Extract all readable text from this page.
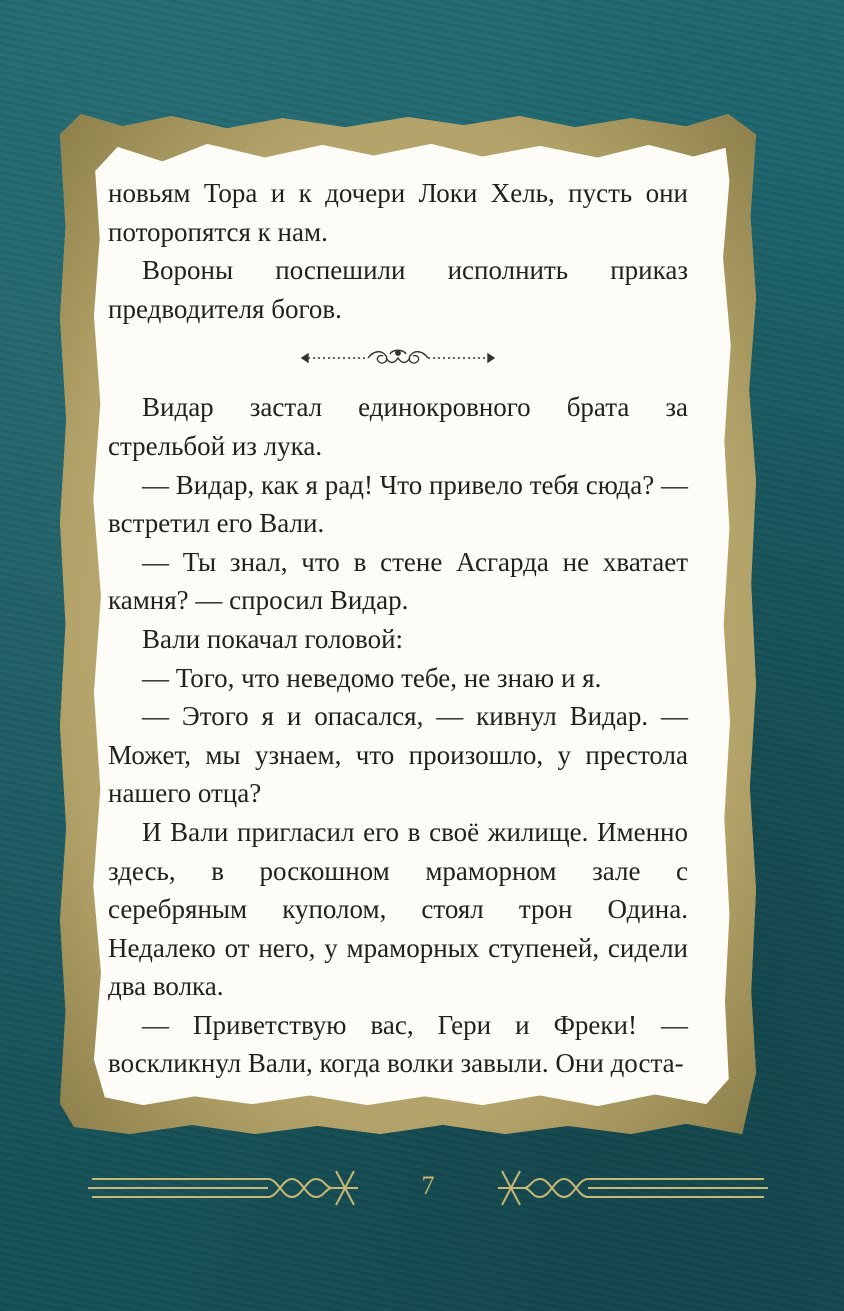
новьям Тора и к дочери Локи Хель, пусть они поторопятся к нам.

Вороны поспешили исполнить приказ предводителя богов.

Видар застал единокровного брата за стрельбой из лука.

— Видар, как я рад! Что привело тебя сюда? — встретил его Вали.

— Ты знал, что в стене Асгарда не хватает камня? — спросил Видар.

Вали покачал головой:

— Того, что неведомо тебе, не знаю и я.

— Этого я и опасался, — кивнул Видар. — Может, мы узнаем, что произошло, у престола нашего отца?

И Вали пригласил его в своё жилище. Именно здесь, в роскошном мраморном зале с серебряным куполом, стоял трон Одина. Недалеко от него, у мраморных ступеней, сидели два волка.

— Приветствую вас, Гери и Фреки! — воскликнул Вали, когда волки завыли. Они доста-

7
